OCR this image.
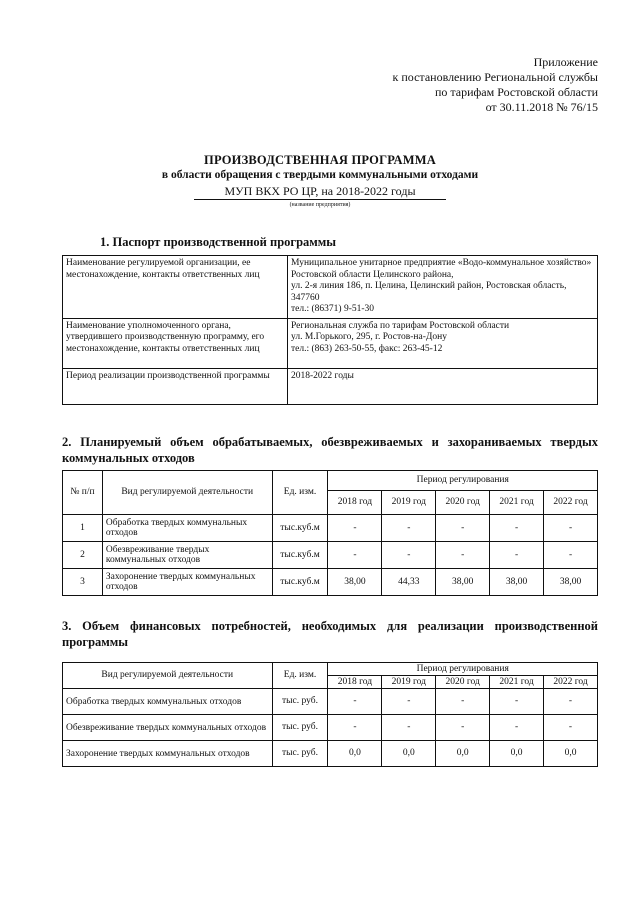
Приложение
к постановлению Региональной службы
по тарифам Ростовской области
от 30.11.2018 № 76/15
ПРОИЗВОДСТВЕННАЯ ПРОГРАММА
в области обращения с твердыми коммунальными отходами
МУП ВКХ РО ЦР, на 2018-2022 годы
(название предприятия)
1. Паспорт производственной программы
Наименование регулируемой организации, ее местонахождение, контакты ответственных лиц	Муниципальное унитарное предприятие «Водо-коммунальное хозяйство» Ростовской области Целинского района,
ул. 2-я линия 186, п. Целина, Целинский район, Ростовская область, 347760
тел.: (86371) 9-51-30

Наименование уполномоченного органа, утвердившего производственную программу, его местонахождение, контакты ответственных лиц	Региональная служба по тарифам Ростовской области
ул. М.Горького, 295, г. Ростов-на-Дону
тел.: (863) 263-50-55, факс: 263-45-12

Период реализации производственной программы	2018-2022 годы
2. Планируемый объем обрабатываемых, обезвреживаемых и захораниваемых твердых коммунальных отходов
№ п/п	Вид регулируемой деятельности	Ед. изм.	Период регулирования				
			2018 год	2019 год	2020 год	2021 год	2022 год
1	Обработка твердых коммунальных отходов	тыс.куб.м	-	-	-	-	-
2	Обезвреживание твердых коммунальных отходов	тыс.куб.м	-	-	-	-	-
3	Захоронение твердых коммунальных отходов	тыс.куб.м	38,00	44,33	38,00	38,00	38,00
3. Объем финансовых потребностей, необходимых для реализации производственной программы
Вид регулируемой деятельности	Ед. изм.	Период регулирования				
		2018 год	2019 год	2020 год	2021 год	2022 год
Обработка твердых коммунальных отходов	тыс. руб.	-	-	-	-	-
Обезвреживание твердых коммунальных отходов	тыс. руб.	-	-	-	-	-
Захоронение твердых коммунальных отходов	тыс. руб.	0,0	0,0	0,0	0,0	0,0
